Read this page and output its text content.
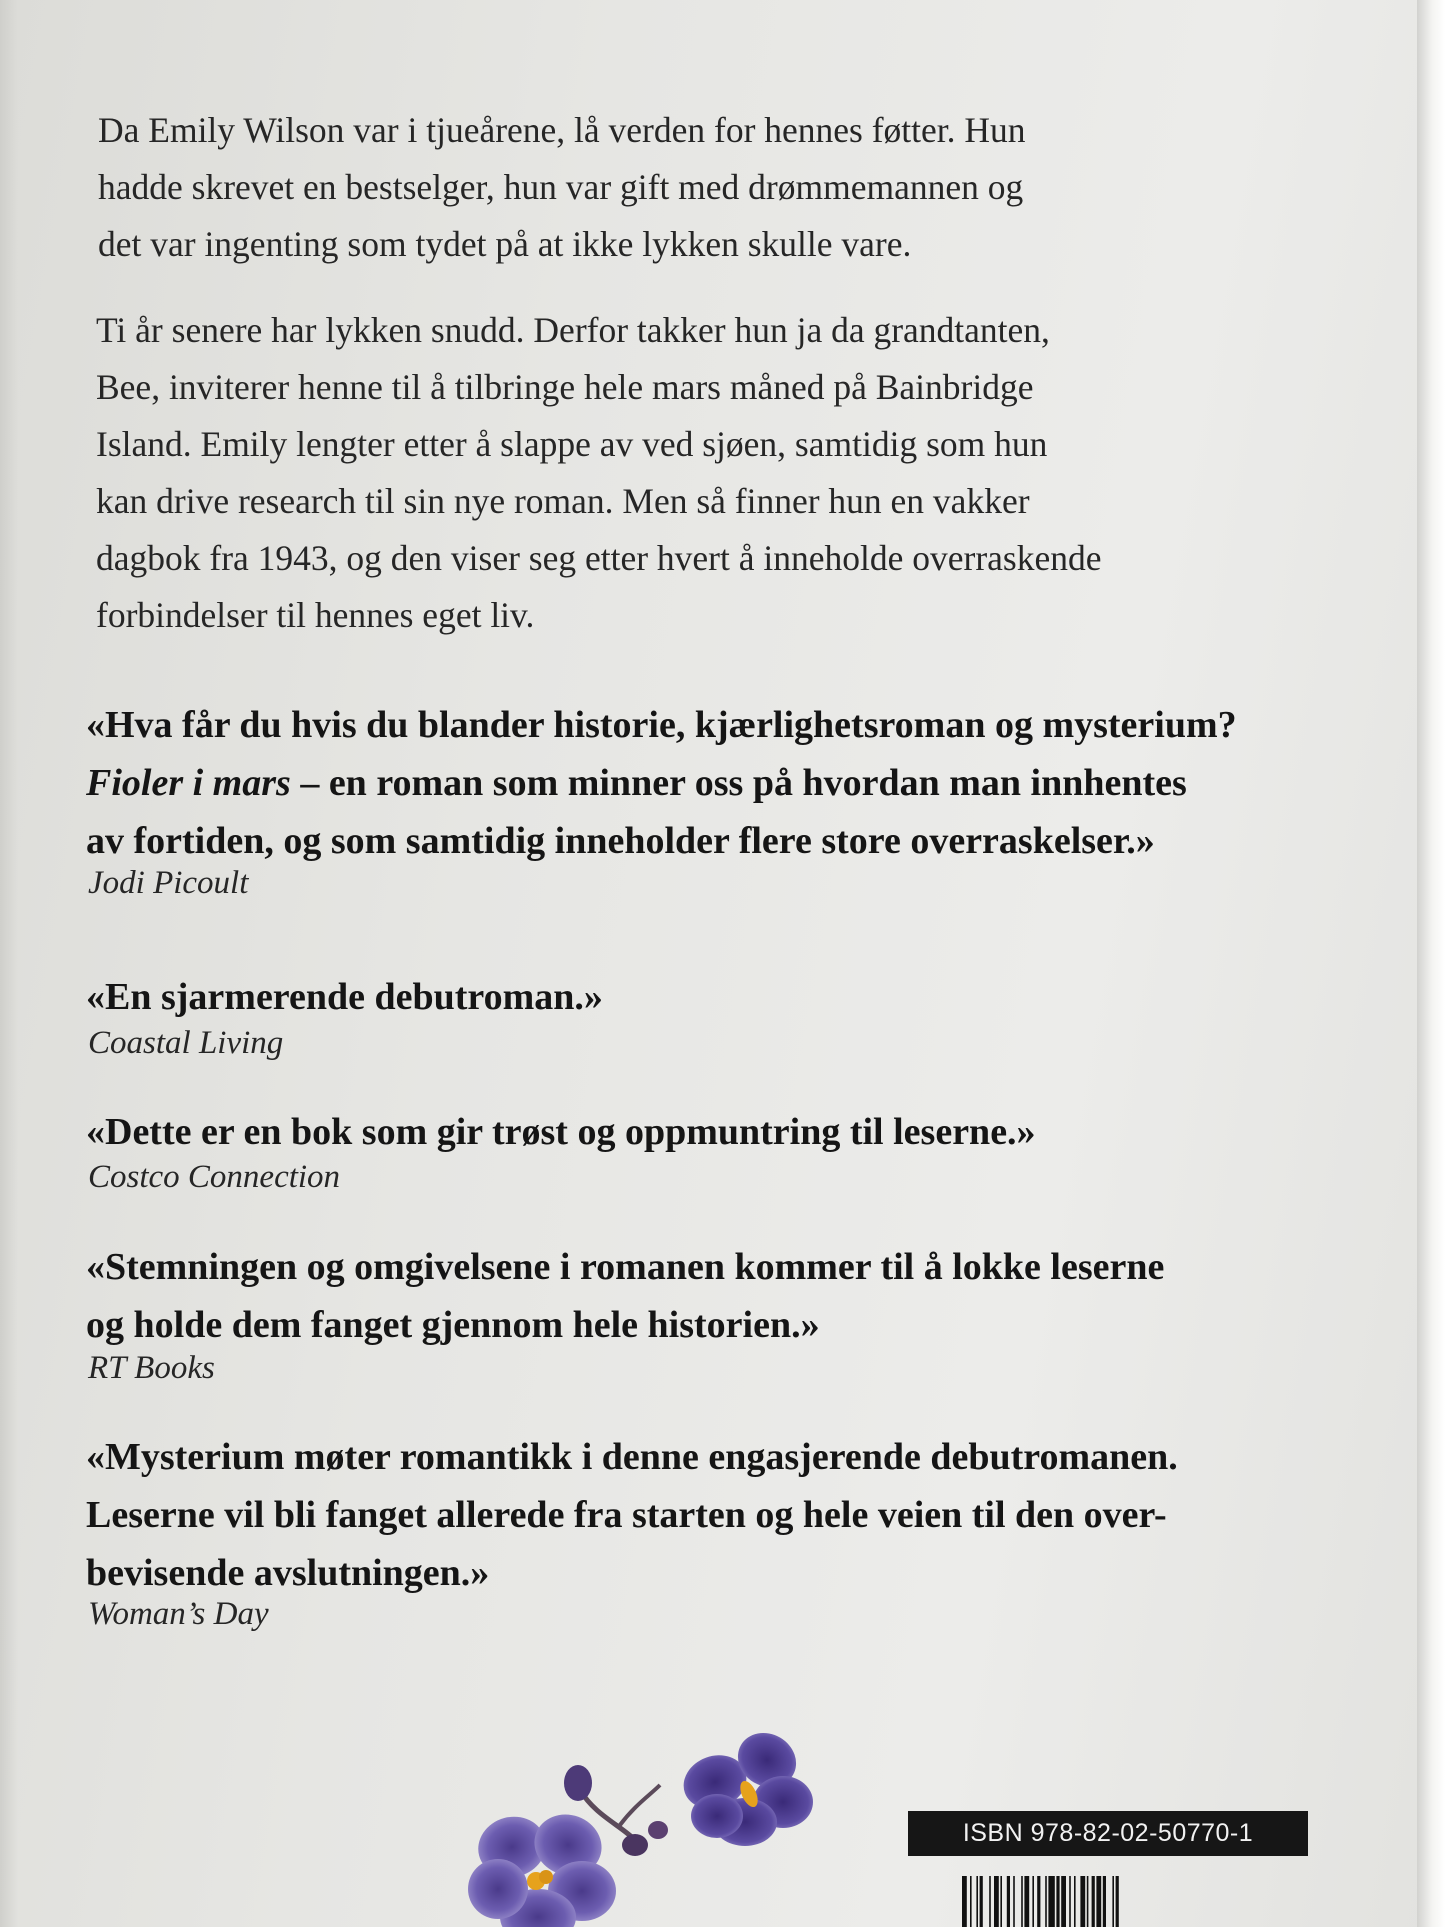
Da Emily Wilson var i tjueårene, lå verden for hennes føtter. Hun
hadde skrevet en bestselger, hun var gift med drømmemannen og
det var ingenting som tydet på at ikke lykken skulle vare.

Ti år senere har lykken snudd. Derfor takker hun ja da grandtanten,
Bee, inviterer henne til å tilbringe hele mars måned på Bainbridge
Island. Emily lengter etter å slappe av ved sjøen, samtidig som hun
kan drive research til sin nye roman. Men så finner hun en vakker
dagbok fra 1943, og den viser seg etter hvert å inneholde overraskende
forbindelser til hennes eget liv.

«Hva får du hvis du blander historie, kjærlighetsroman og mysterium?
Fioler i mars – en roman som minner oss på hvordan man innhentes
av fortiden, og som samtidig inneholder flere store overraskelser.»
Jodi Picoult
«En sjarmerende debutroman.»
Coastal Living
«Dette er en bok som gir trøst og oppmuntring til leserne.»
Costco Connection
«Stemningen og omgivelsene i romanen kommer til å lokke leserne
og holde dem fanget gjennom hele historien.»
RT Books
«Mysterium møter romantikk i denne engasjerende debutromanen.
Leserne vil bli fanget allerede fra starten og hele veien til den over-
bevisende avslutningen.»
Woman’s Day
ISBN 978-82-02-50770-1
